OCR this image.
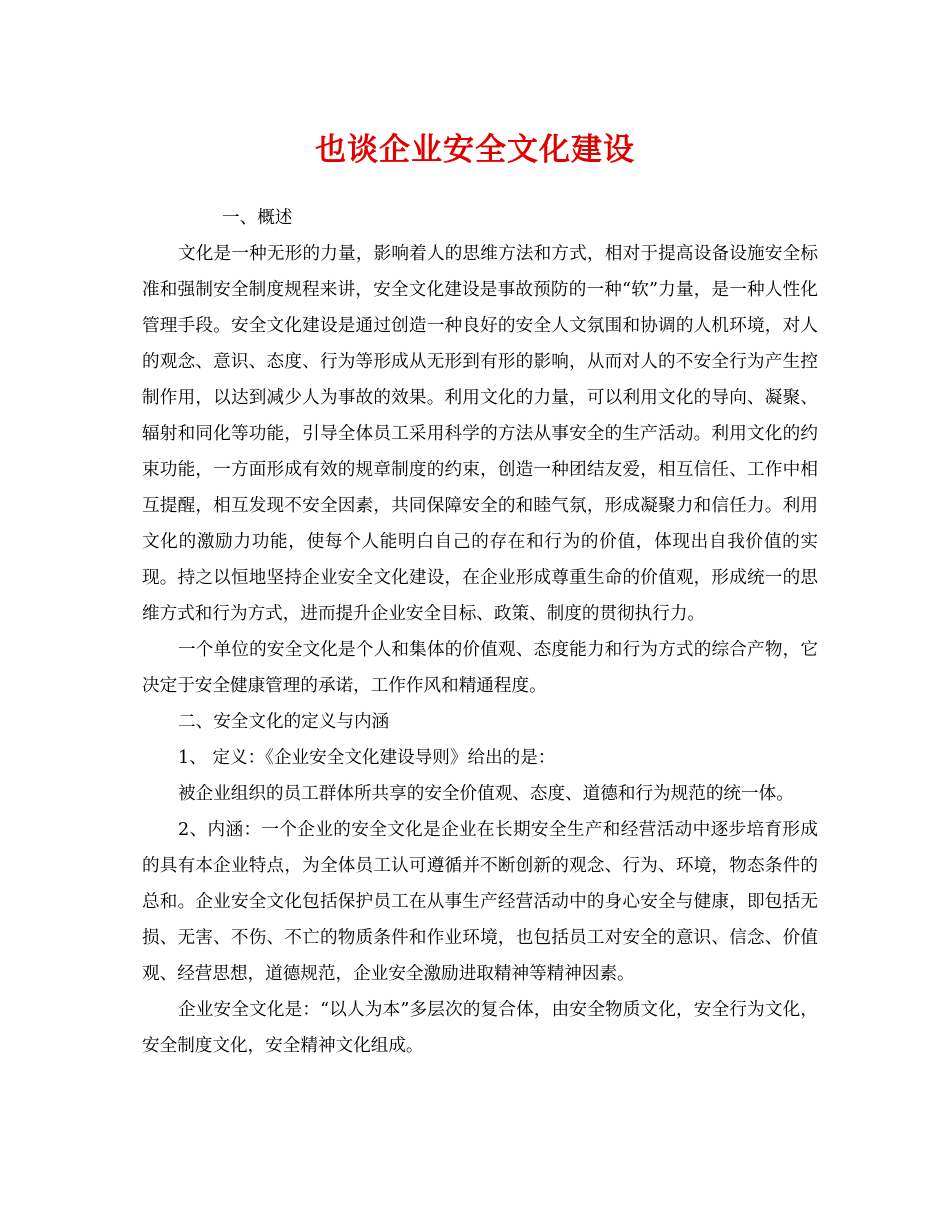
也谈企业安全文化建设

一、概述

文化是一种无形的力量，影响着人的思维方法和方式，相对于提高设备设施安全标准和强制安全制度规程来讲，安全文化建设是事故预防的一种“软”力量，是一种人性化管理手段。安全文化建设是通过创造一种良好的安全人文氛围和协调的人机环境，对人的观念、意识、态度、行为等形成从无形到有形的影响，从而对人的不安全行为产生控制作用，以达到减少人为事故的效果。利用文化的力量，可以利用文化的导向、凝聚、辐射和同化等功能，引导全体员工采用科学的方法从事安全的生产活动。利用文化的约束功能，一方面形成有效的规章制度的约束，创造一种团结友爱，相互信任、工作中相互提醒，相互发现不安全因素，共同保障安全的和睦气氛，形成凝聚力和信任力。利用文化的激励力功能，使每个人能明白自己的存在和行为的价值，体现出自我价值的实现。持之以恒地坚持企业安全文化建设，在企业形成尊重生命的价值观，形成统一的思维方式和行为方式，进而提升企业安全目标、政策、制度的贯彻执行力。

一个单位的安全文化是个人和集体的价值观、态度能力和行为方式的综合产物，它决定于安全健康管理的承诺，工作作风和精通程度。

二、安全文化的定义与内涵

1、 定义：《企业安全文化建设导则》给出的是：

被企业组织的员工群体所共享的安全价值观、态度、道德和行为规范的统一体。

2、内涵：一个企业的安全文化是企业在长期安全生产和经营活动中逐步培育形成的具有本企业特点，为全体员工认可遵循并不断创新的观念、行为、环境，物态条件的总和。企业安全文化包括保护员工在从事生产经营活动中的身心安全与健康，即包括无损、无害、不伤、不亡的物质条件和作业环境，也包括员工对安全的意识、信念、价值观、经营思想，道德规范，企业安全激励进取精神等精神因素。

企业安全文化是：“以人为本”多层次的复合体，由安全物质文化，安全行为文化，安全制度文化，安全精神文化组成。
